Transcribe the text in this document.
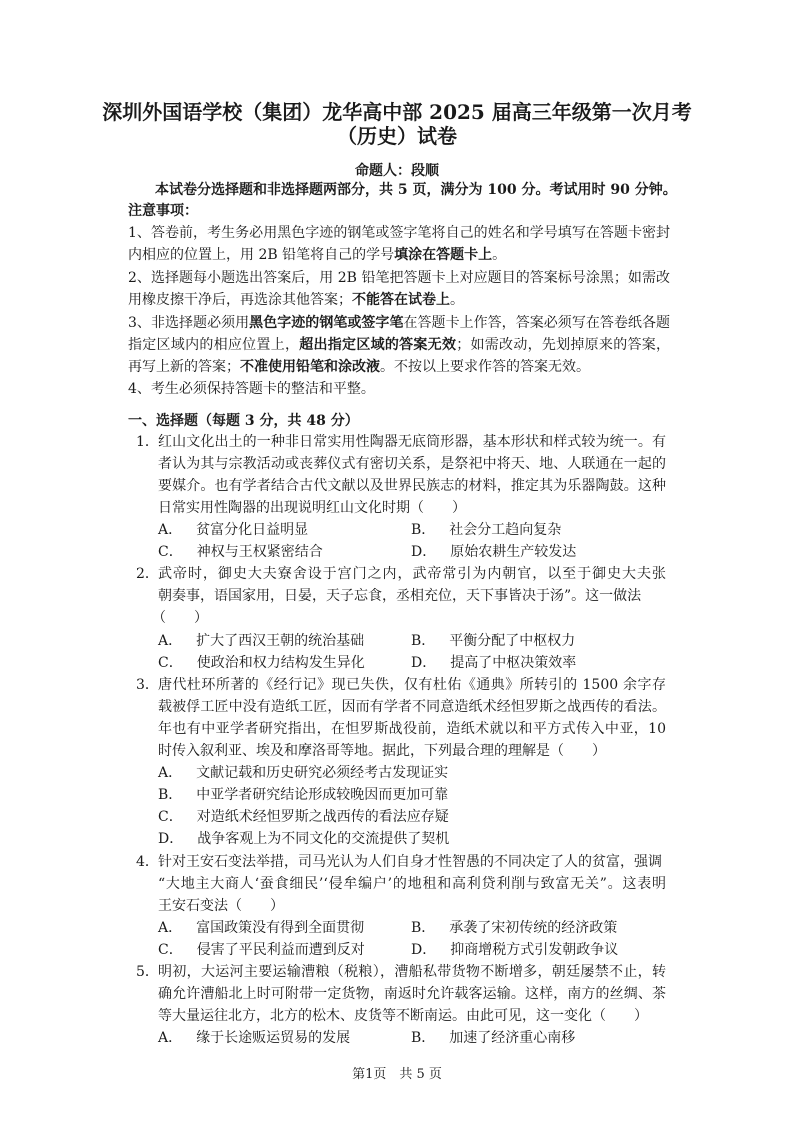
深圳外国语学校（集团）龙华高中部 2025 届高三年级第一次月考
（历史）试卷
命题人：段顺
本试卷分选择题和非选择题两部分，共 5 页，满分为 100 分。考试用时 90 分钟。
注意事项：
1、答卷前，考生务必用黑色字迹的钢笔或签字笔将自己的姓名和学号填写在答题卡密封
内相应的位置上，用 2B 铅笔将自己的学号填涂在答题卡上。
2、选择题每小题选出答案后，用 2B 铅笔把答题卡上对应题目的答案标号涂黑；如需改
用橡皮擦干净后，再选涂其他答案；不能答在试卷上。
3、非选择题必须用黑色字迹的钢笔或签字笔在答题卡上作答，答案必须写在答卷纸各题
指定区域内的相应位置上，超出指定区域的答案无效；如需改动，先划掉原来的答案，
再写上新的答案；不准使用铅笔和涂改液。不按以上要求作答的答案无效。
4、考生必须保持答题卡的整洁和平整。
一、选择题（每题 3 分，共 48 分）
1． 红山文化出土的一种非日常实用性陶器无底筒形器，基本形状和样式较为统一。有
者认为其与宗教活动或丧葬仪式有密切关系，是祭祀中将天、地、人联通在一起的
要媒介。也有学者结合古代文献以及世界民族志的材料，推定其为乐器陶鼓。这种
日常实用性陶器的出现说明红山文化时期（　　）
A． 贫富分化日益明显	B． 社会分工趋向复杂
C． 神权与王权紧密结合	D． 原始农耕生产较发达
2． 武帝时，御史大夫寮舍设于宫门之内，武帝常引为内朝官，以至于御史大夫张
朝奏事，语国家用，日晏，天子忘食，丞相充位，天下事皆决于汤”。这一做法
（　　）
A． 扩大了西汉王朝的统治基础	B． 平衡分配了中枢权力
C． 使政治和权力结构发生异化	D． 提高了中枢决策效率
3． 唐代杜环所著的《经行记》现已失佚，仅有杜佑《通典》所转引的 1500 余字存
载被俘工匠中没有造纸工匠，因而有学者不同意造纸术经怛罗斯之战西传的看法。
年也有中亚学者研究指出，在怛罗斯战役前，造纸术就以和平方式传入中亚，10
时传入叙利亚、埃及和摩洛哥等地。据此，下列最合理的理解是（　　）
A． 文献记载和历史研究必须经考古发现证实
B． 中亚学者研究结论形成较晚因而更加可靠
C． 对造纸术经怛罗斯之战西传的看法应存疑
D． 战争客观上为不同文化的交流提供了契机
4． 针对王安石变法举措，司马光认为人们自身才性智愚的不同决定了人的贫富，强调
“大地主大商人‘蚕食细民’‘侵牟编户’的地租和高利贷利削与致富无关”。这表明
王安石变法（　　）
A． 富国政策没有得到全面贯彻	B． 承袭了宋初传统的经济政策
C． 侵害了平民利益而遭到反对	D． 抑商增税方式引发朝政争议
5． 明初，大运河主要运输漕粮（税粮），漕船私带货物不断增多，朝廷屡禁不止，转
确允许漕船北上时可附带一定货物，南返时允许载客运输。这样，南方的丝绸、茶
等大量运往北方，北方的松木、皮货等不断南运。由此可见，这一变化（　　）
A． 缘于长途贩运贸易的发展	B． 加速了经济重心南移
第1页　共 5 页
